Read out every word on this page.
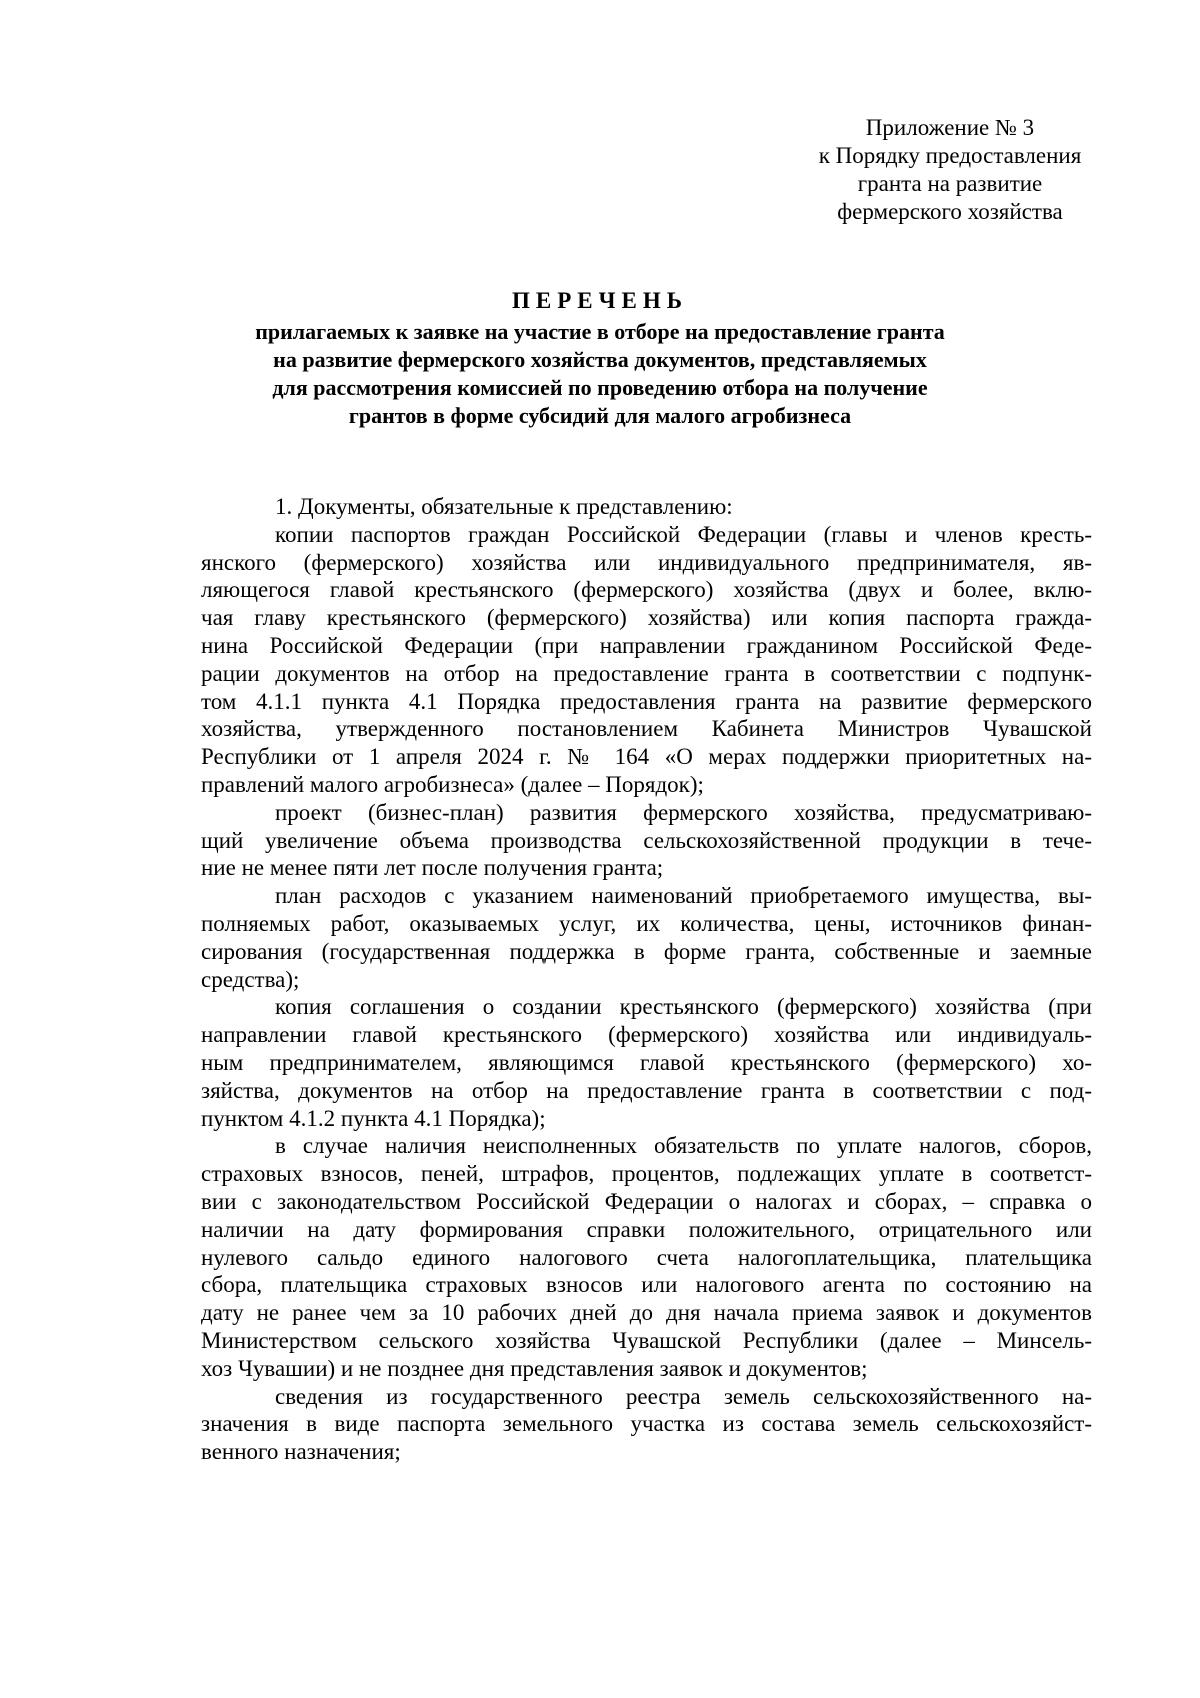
Приложение № 3
к Порядку предоставления
гранта на развитие
фермерского хозяйства
ПЕРЕЧЕНЬ
прилагаемых к заявке на участие в отборе на предоставление гранта
на развитие фермерского хозяйства документов, представляемых
для рассмотрения комиссией по проведению отбора на получение
грантов в форме субсидий для малого агробизнеса
1. Документы, обязательные к представлению:
копии паспортов граждан Российской Федерации (главы и членов кресть-
янского (фермерского) хозяйства или индивидуального предпринимателя, яв-
ляющегося главой крестьянского (фермерского) хозяйства (двух и более, вклю-
чая главу крестьянского (фермерского) хозяйства) или копия паспорта гражда-
нина Российской Федерации (при направлении гражданином Российской Феде-
рации документов на отбор на предоставление гранта в соответствии с подпунк-
том 4.1.1 пункта 4.1 Порядка предоставления гранта на развитие фермерского
хозяйства, утвержденного постановлением Кабинета Министров Чувашской
Республики от 1 апреля 2024 г. № 164 «О мерах поддержки приоритетных на-
правлений малого агробизнеса» (далее – Порядок);
проект (бизнес-план) развития фермерского хозяйства, предусматриваю-
щий увеличение объема производства сельскохозяйственной продукции в тече-
ние не менее пяти лет после получения гранта;
план расходов с указанием наименований приобретаемого имущества, вы-
полняемых работ, оказываемых услуг, их количества, цены, источников финан-
сирования (государственная поддержка в форме гранта, собственные и заемные
средства);
копия соглашения о создании крестьянского (фермерского) хозяйства (при
направлении главой крестьянского (фермерского) хозяйства или индивидуаль-
ным предпринимателем, являющимся главой крестьянского (фермерского) хо-
зяйства, документов на отбор на предоставление гранта в соответствии с под-
пунктом 4.1.2 пункта 4.1 Порядка);
в случае наличия неисполненных обязательств по уплате налогов, сборов,
страховых взносов, пеней, штрафов, процентов, подлежащих уплате в соответст-
вии с законодательством Российской Федерации о налогах и сборах, – справка о
наличии на дату формирования справки положительного, отрицательного или
нулевого сальдо единого налогового счета налогоплательщика, плательщика
сбора, плательщика страховых взносов или налогового агента по состоянию на
дату не ранее чем за 10 рабочих дней до дня начала приема заявок и документов
Министерством сельского хозяйства Чувашской Республики (далее – Минсель-
хоз Чувашии) и не позднее дня представления заявок и документов;
сведения из государственного реестра земель сельскохозяйственного на-
значения в виде паспорта земельного участка из состава земель сельскохозяйст-
венного назначения;
